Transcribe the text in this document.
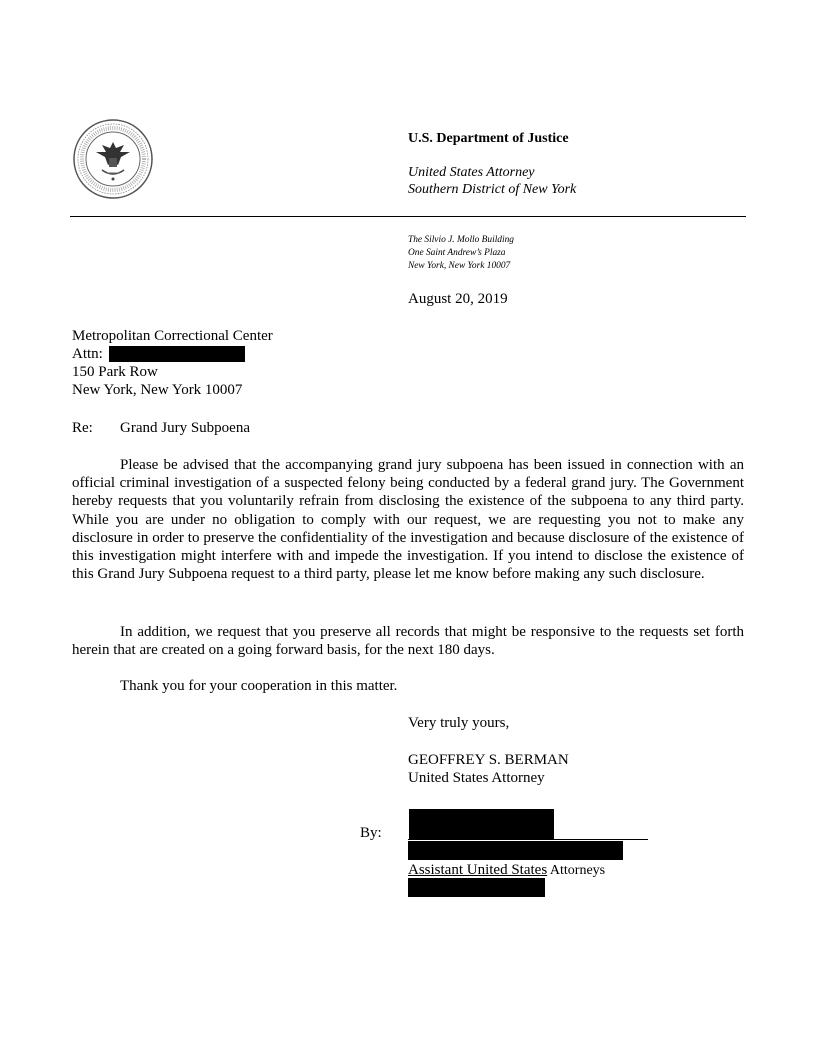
U.S. Department of Justice
United States Attorney
Southern District of New York
The Silvio J. Mollo Building
One Saint Andrew’s Plaza
New York, New York 10007
August 20, 2019
Metropolitan Correctional Center
Attn:
150 Park Row
New York, New York 10007
Re: Grand Jury Subpoena
Please be advised that the accompanying grand jury subpoena has been issued in connection with an official criminal investigation of a suspected felony being conducted by a federal grand jury. The Government hereby requests that you voluntarily refrain from disclosing the existence of the subpoena to any third party. While you are under no obligation to comply with our request, we are requesting you not to make any disclosure in order to preserve the confidentiality of the investigation and because disclosure of the existence of this investigation might interfere with and impede the investigation. If you intend to disclose the existence of this Grand Jury Subpoena request to a third party, please let me know before making any such disclosure.
In addition, we request that you preserve all records that might be responsive to the requests set forth herein that are created on a going forward basis, for the next 180 days.
Thank you for your cooperation in this matter.
Very truly yours,
GEOFFREY S. BERMAN
United States Attorney
By:
Assistant United States Attorneys
